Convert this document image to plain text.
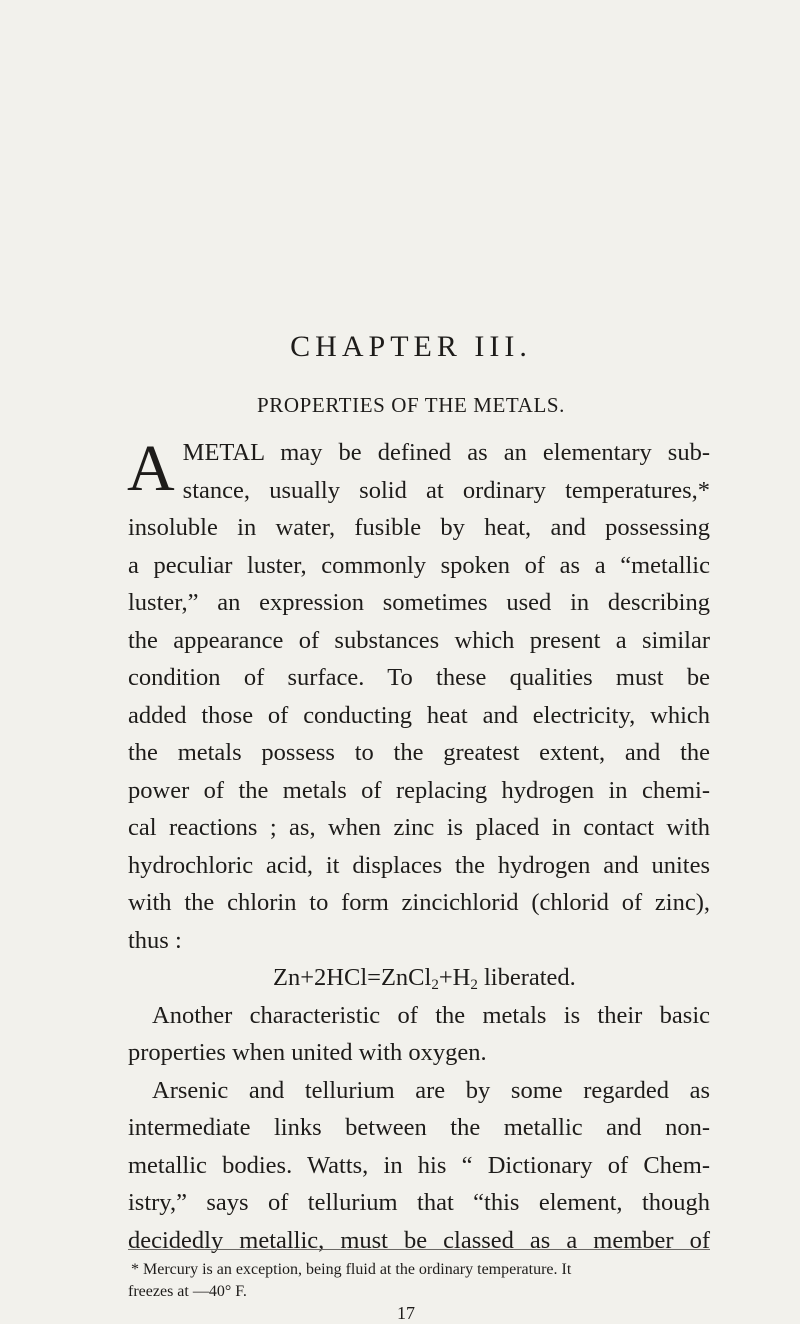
CHAPTER III.
PROPERTIES OF THE METALS.
A METAL may be defined as an elementary sub-
stance, usually solid at ordinary temperatures,*
insoluble in water, fusible by heat, and possessing
a peculiar luster, commonly spoken of as a “metallic
luster,” an expression sometimes used in describing
the appearance of substances which present a similar
condition of surface. To these qualities must be
added those of conducting heat and electricity, which
the metals possess to the greatest extent, and the
power of the metals of replacing hydrogen in chemi-
cal reactions ; as, when zinc is placed in contact with
hydrochloric acid, it displaces the hydrogen and unites
with the chlorin to form zincichlorid (chlorid of zinc),
thus :

$Zn+2HCl=ZnCl_2+H_2$ liberated.

Another characteristic of the metals is their basic
properties when united with oxygen.
Arsenic and tellurium are by some regarded as
intermediate links between the metallic and non-
metallic bodies. Watts, in his “ Dictionary of Chem-
istry,” says of tellurium that “this element, though
decidedly metallic, must be classed as a member of
* Mercury is an exception, being fluid at the ordinary temperature. It
freezes at —40° F.
17
